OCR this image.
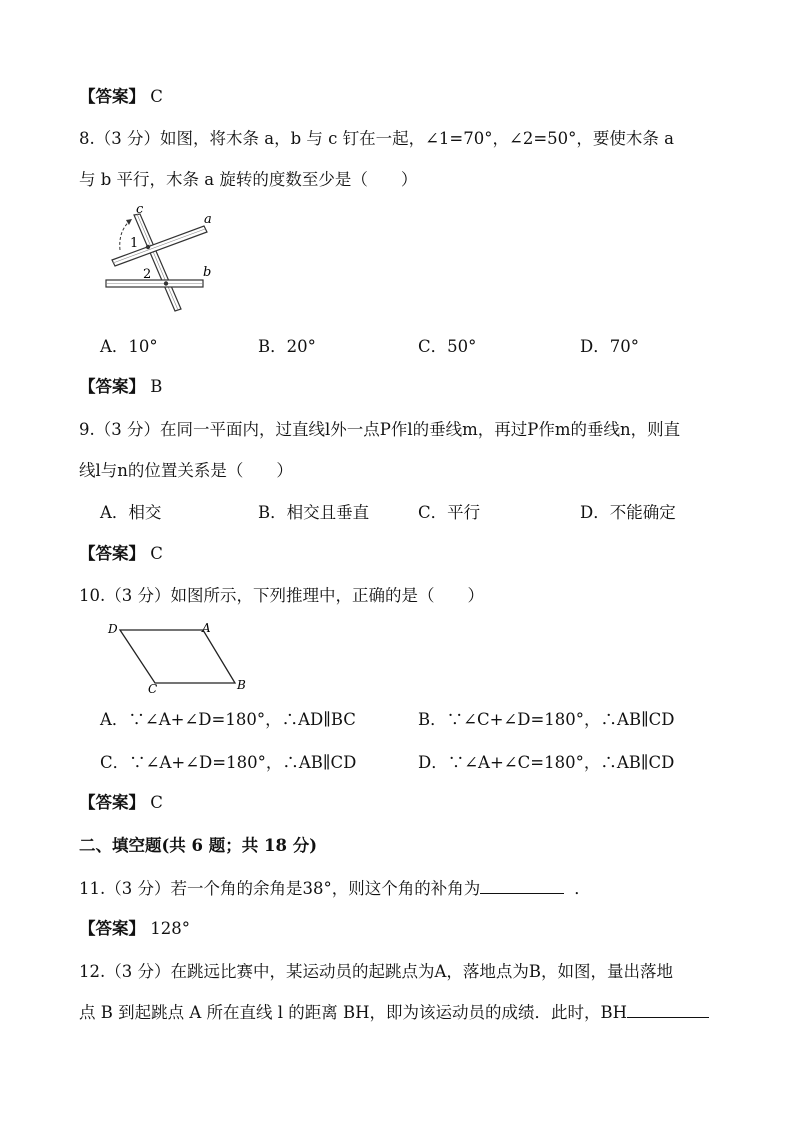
【答案】 C
8.（3 分）如图，将木条 a，b 与 c 钉在一起，∠1=70°，∠2=50°，要使木条 a
与 b 平行，木条 a 旋转的度数至少是（　　）
c
a
b
1
2
A．10°	B．20°	C．50°	D．70°
【答案】 B
9.（3 分）在同一平面内，过直线l外一点P作l的垂线m，再过P作m的垂线n，则直
线l与n的位置关系是（　　）
A．相交	B．相交且垂直	C．平行	D．不能确定
【答案】 C
10.（3 分）如图所示，下列推理中，正确的是（　　）
D	A
C	B
A．∵∠A+∠D=180°，∴AD∥BC	B．∵∠C+∠D=180°，∴AB∥CD
C．∵∠A+∠D=180°，∴AB∥CD	D．∵∠A+∠C=180°，∴AB∥CD
【答案】 C
二、填空题(共 6 题；共 18 分)
11.（3 分）若一个角的余角是38°，则这个角的补角为	．
【答案】 128°
12.（3 分）在跳远比赛中，某运动员的起跳点为A，落地点为B，如图，量出落地
点 B 到起跳点 A 所在直线 l 的距离 BH，即为该运动员的成绩．此时，BH
